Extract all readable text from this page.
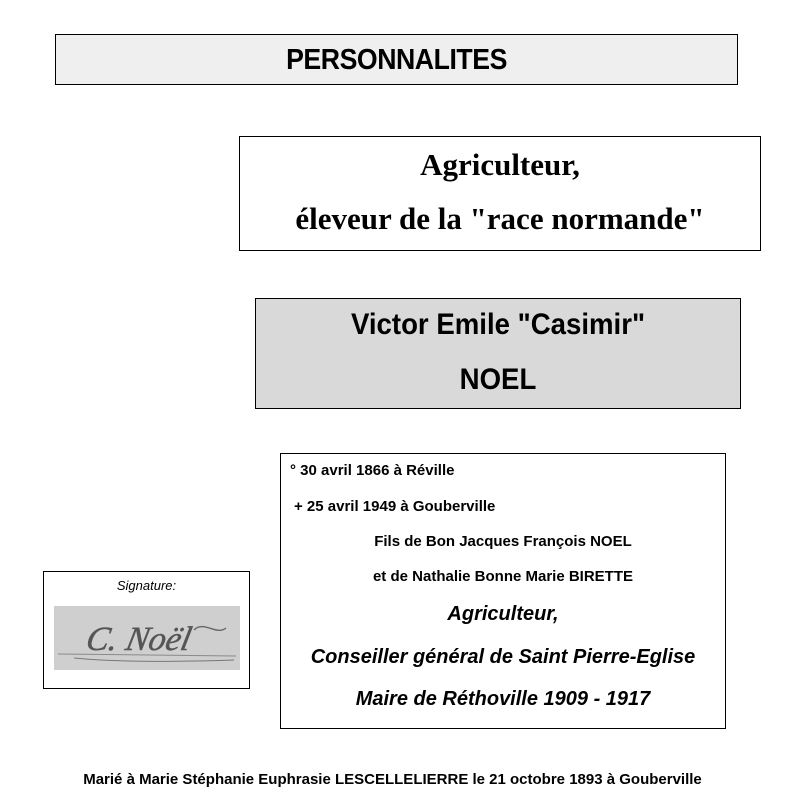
PERSONNALITES
Agriculteur,
éleveur de la "race normande"
Victor Emile "Casimir"
NOEL
° 30 avril 1866 à Réville
+ 25 avril 1949 à Gouberville
Fils de Bon Jacques François NOEL
et de Nathalie Bonne Marie BIRETTE
Agriculteur,
Conseiller général de Saint Pierre-Eglise
Maire de Réthoville 1909 - 1917
Signature:
C. Noël
Marié à Marie Stéphanie Euphrasie LESCELLELIERRE le 21 octobre 1893 à Gouberville
